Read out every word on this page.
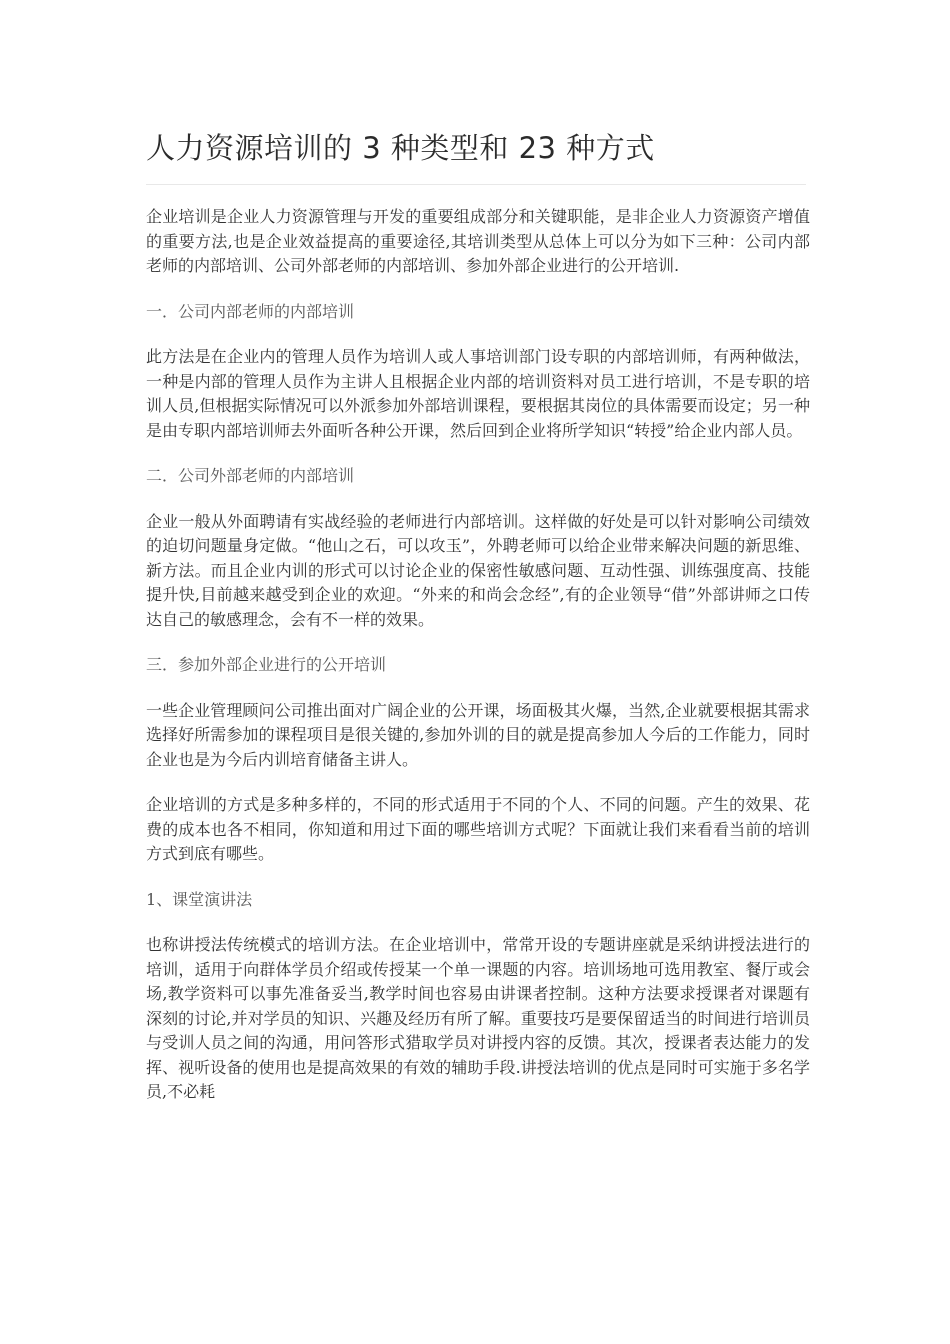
人力资源培训的 3 种类型和 23 种方式

企业培训是企业人力资源管理与开发的重要组成部分和关键职能，是非企业人力资源资产增值的重要方法,也是企业效益提高的重要途径,其培训类型从总体上可以分为如下三种：公司内部老师的内部培训、公司外部老师的内部培训、参加外部企业进行的公开培训.

一．公司内部老师的内部培训

此方法是在企业内的管理人员作为培训人或人事培训部门设专职的内部培训师，有两种做法，一种是内部的管理人员作为主讲人且根据企业内部的培训资料对员工进行培训，不是专职的培训人员,但根据实际情况可以外派参加外部培训课程，要根据其岗位的具体需要而设定；另一种是由专职内部培训师去外面听各种公开课，然后回到企业将所学知识“转授”给企业内部人员。

二．公司外部老师的内部培训

企业一般从外面聘请有实战经验的老师进行内部培训。这样做的好处是可以针对影响公司绩效的迫切问题量身定做。“他山之石，可以攻玉”，外聘老师可以给企业带来解决问题的新思维、新方法。而且企业内训的形式可以讨论企业的保密性敏感问题、互动性强、训练强度高、技能提升快,目前越来越受到企业的欢迎。“外来的和尚会念经”,有的企业领导“借”外部讲师之口传达自己的敏感理念，会有不一样的效果。

三．参加外部企业进行的公开培训

一些企业管理顾问公司推出面对广阔企业的公开课，场面极其火爆，当然,企业就要根据其需求选择好所需参加的课程项目是很关键的,参加外训的目的就是提高参加人今后的工作能力，同时企业也是为今后内训培育储备主讲人。

企业培训的方式是多种多样的，不同的形式适用于不同的个人、不同的问题。产生的效果、花费的成本也各不相同，你知道和用过下面的哪些培训方式呢？下面就让我们来看看当前的培训方式到底有哪些。

1、课堂演讲法

也称讲授法传统模式的培训方法。在企业培训中，常常开设的专题讲座就是采纳讲授法进行的培训，适用于向群体学员介绍或传授某一个单一课题的内容。培训场地可选用教室、餐厅或会场,教学资料可以事先准备妥当,教学时间也容易由讲课者控制。这种方法要求授课者对课题有深刻的讨论,并对学员的知识、兴趣及经历有所了解。重要技巧是要保留适当的时间进行培训员与受训人员之间的沟通，用问答形式猎取学员对讲授内容的反馈。其次，授课者表达能力的发挥、视听设备的使用也是提高效果的有效的辅助手段.讲授法培训的优点是同时可实施于多名学员,不必耗
